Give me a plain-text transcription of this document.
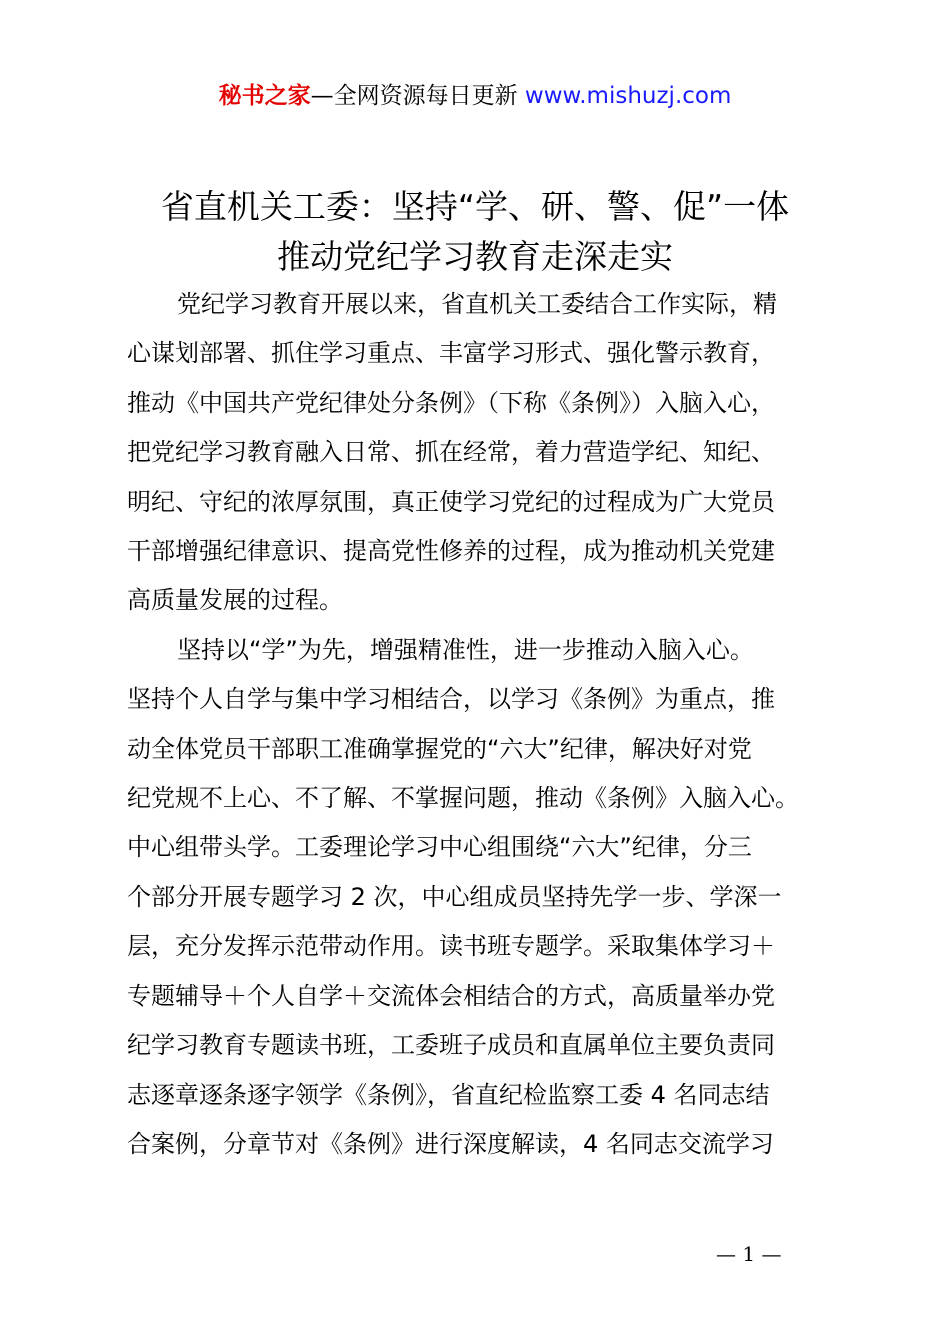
秘书之家—全网资源每日更新 www.mishuzj.com
省直机关工委：坚持“学、研、警、促”一体
推动党纪学习教育走深走实
党纪学习教育开展以来，省直机关工委结合工作实际，精
心谋划部署、抓住学习重点、丰富学习形式、强化警示教育，
推动《中国共产党纪律处分条例》（下称《条例》）入脑入心，
把党纪学习教育融入日常、抓在经常，着力营造学纪、知纪、
明纪、守纪的浓厚氛围，真正使学习党纪的过程成为广大党员
干部增强纪律意识、提高党性修养的过程，成为推动机关党建
高质量发展的过程。
坚持以“学”为先，增强精准性，进一步推动入脑入心。
坚持个人自学与集中学习相结合，以学习《条例》为重点，推
动全体党员干部职工准确掌握党的“六大”纪律，解决好对党
纪党规不上心、不了解、不掌握问题，推动《条例》入脑入心。
中心组带头学。工委理论学习中心组围绕“六大”纪律，分三
个部分开展专题学习 2 次，中心组成员坚持先学一步、学深一
层，充分发挥示范带动作用。读书班专题学。采取集体学习＋
专题辅导＋个人自学＋交流体会相结合的方式，高质量举办党
纪学习教育专题读书班，工委班子成员和直属单位主要负责同
志逐章逐条逐字领学《条例》，省直纪检监察工委 4 名同志结
合案例，分章节对《条例》进行深度解读，4 名同志交流学习
— 1 —
